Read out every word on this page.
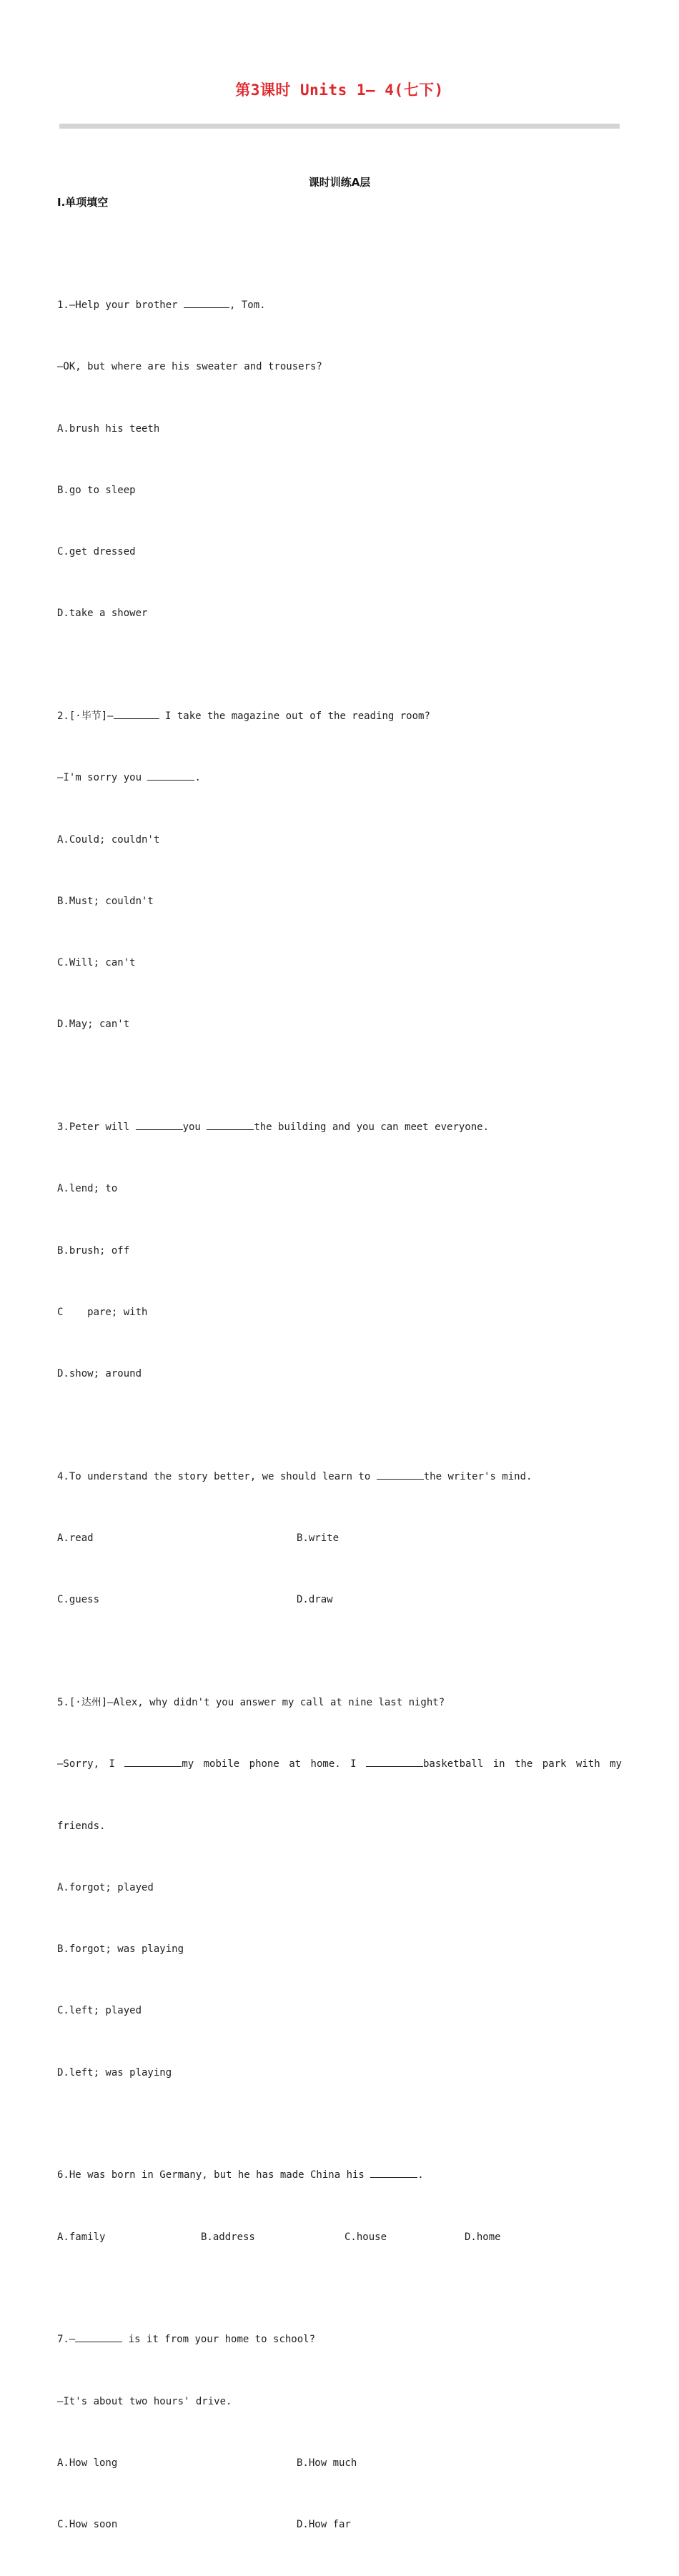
第3课时 Units 1— 4(七下)
课时训练A层
Ⅰ.单项填空

1.—Help your brother	, Tom.

—OK, but where are his sweater and trousers?

A.brush his teeth

B.go to sleep

C.get dressed

D.take a shower

2.[·毕节]—	I take the magazine out of the reading room?

—I'm sorry you	.

A.Could; couldn't

B.Must; couldn't

C.Will; can't

D.May; can't

3.Peter will	you	the building and you can meet everyone.

A.lend; to

B.brush; off

C    pare; with

D.show; around

4.To understand the story better, we should learn to	the writer's mind.

A.read	B.write

C.guess	D.draw

5.[·达州]—Alex, why didn't you answer my call at nine last night?

—Sorry, I	my mobile phone at home. I	basketball in the park with my

friends.

A.forgot; played

B.forgot; was playing

C.left; played

D.left; was playing

6.He was born in Germany, but he has made China his	.

A.family	B.address	C.house	D.home

7.—	is it from your home to school?

—It's about two hours' drive.

A.How long	B.How much

C.How soon	D.How far
